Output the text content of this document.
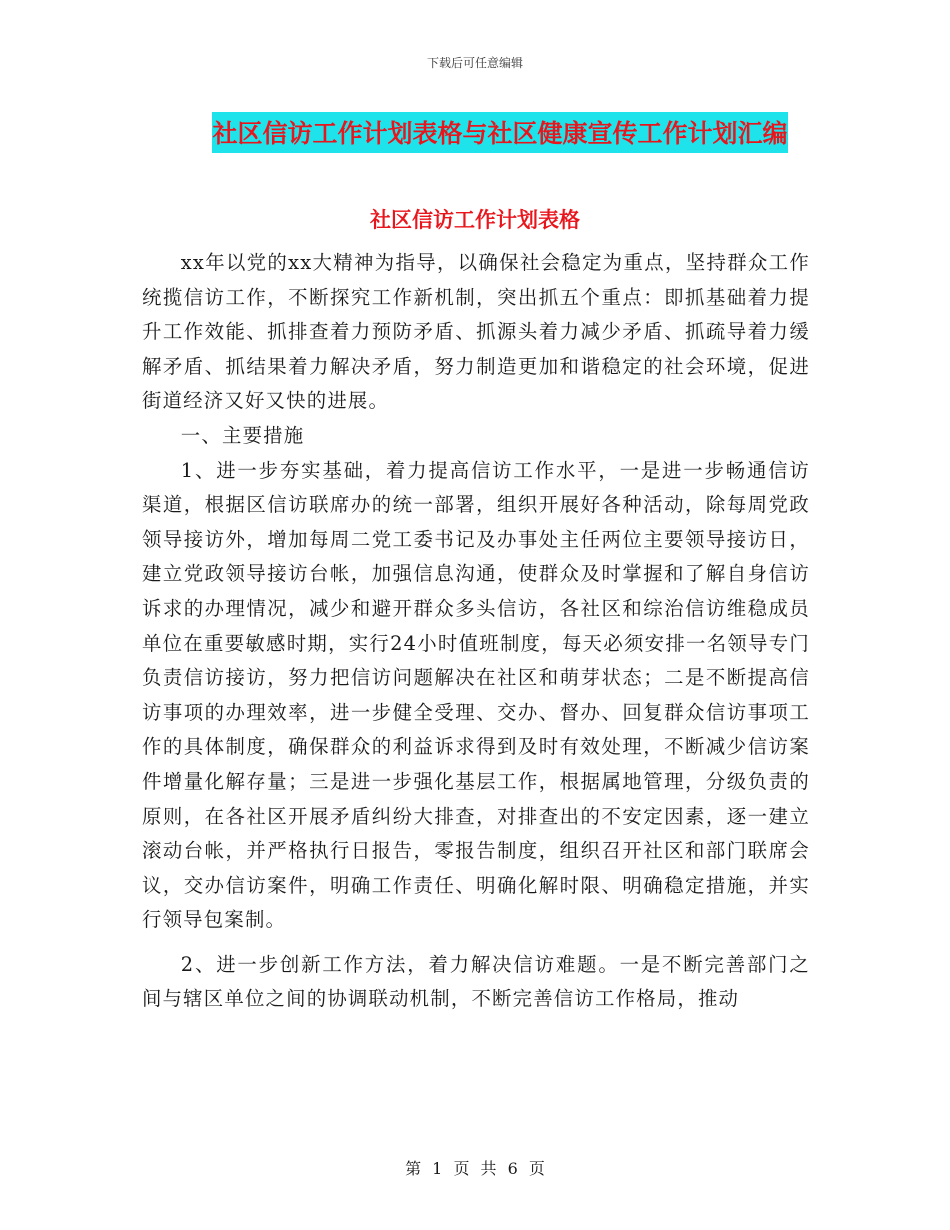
下载后可任意编辑
社区信访工作计划表格与社区健康宣传工作计划汇编
社区信访工作计划表格

xx年以党的xx大精神为指导，以确保社会稳定为重点，坚持群众工作统揽信访工作，不断探究工作新机制，突出抓五个重点：即抓基础着力提升工作效能、抓排查着力预防矛盾、抓源头着力减少矛盾、抓疏导着力缓解矛盾、抓结果着力解决矛盾，努力制造更加和谐稳定的社会环境，促进街道经济又好又快的进展。

一、主要措施

1、进一步夯实基础，着力提高信访工作水平，一是进一步畅通信访渠道，根据区信访联席办的统一部署，组织开展好各种活动，除每周党政领导接访外，增加每周二党工委书记及办事处主任两位主要领导接访日，建立党政领导接访台帐，加强信息沟通，使群众及时掌握和了解自身信访诉求的办理情况，减少和避开群众多头信访，各社区和综治信访维稳成员单位在重要敏感时期，实行24小时值班制度，每天必须安排一名领导专门负责信访接访，努力把信访问题解决在社区和萌芽状态；二是不断提高信访事项的办理效率，进一步健全受理、交办、督办、回复群众信访事项工作的具体制度，确保群众的利益诉求得到及时有效处理，不断减少信访案件增量化解存量；三是进一步强化基层工作，根据属地管理，分级负责的原则，在各社区开展矛盾纠纷大排查，对排查出的不安定因素，逐一建立滚动台帐，并严格执行日报告，零报告制度，组织召开社区和部门联席会议，交办信访案件，明确工作责任、明确化解时限、明确稳定措施，并实行领导包案制。

2、进一步创新工作方法，着力解决信访难题。一是不断完善部门之间与辖区单位之间的协调联动机制，不断完善信访工作格局，推动

第 1 页 共 6 页
